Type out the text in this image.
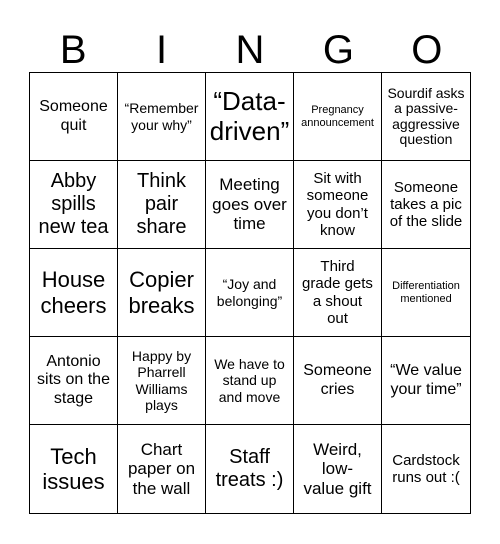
B	I	N	G	O
Someone quit
“Remember your why”
“Data-driven”
Pregnancy announcement
Sourdif asks a passive-aggressive question
Abby spills new tea
Think pair share
Meeting goes over time
Sit with someone you don’t know
Someone takes a pic of the slide
House cheers
Copier breaks
“Joy and belonging”
Third grade gets a shout out
Differentiation mentioned
Antonio sits on the stage
Happy by Pharrell Williams plays
We have to stand up and move
Someone cries
“We value your time”
Tech issues
Chart paper on the wall
Staff treats :)
Weird, low-value gift
Cardstock runs out :(
